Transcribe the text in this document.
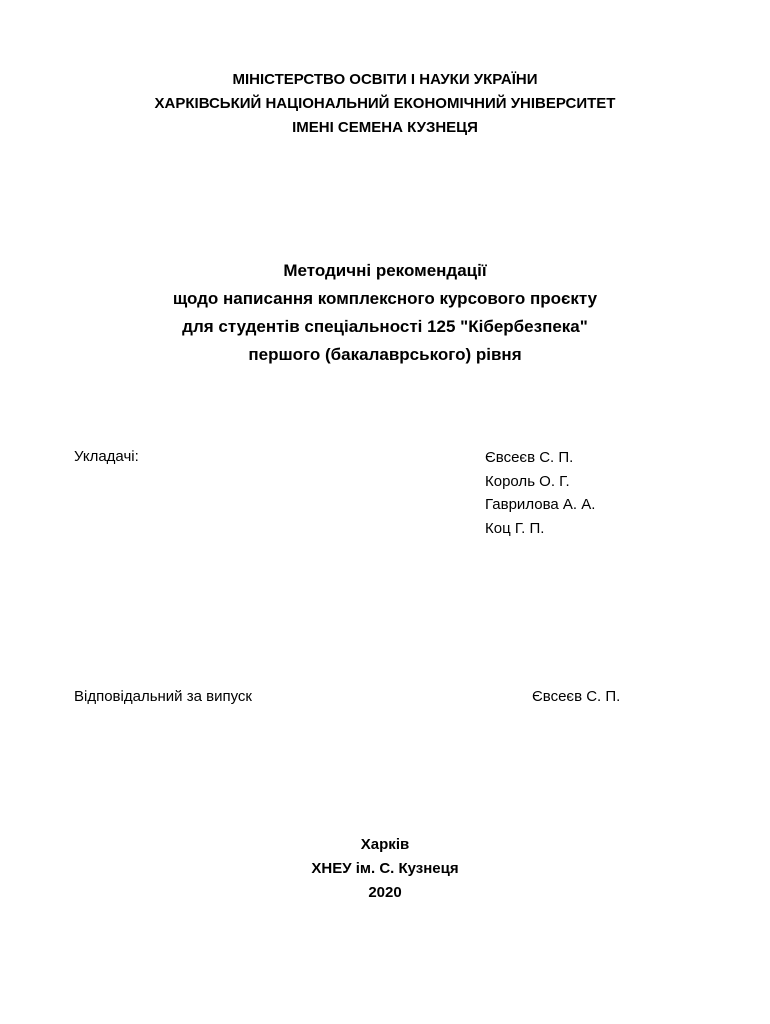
МІНІСТЕРСТВО ОСВІТИ І НАУКИ УКРАЇНИ
ХАРКІВСЬКИЙ НАЦІОНАЛЬНИЙ ЕКОНОМІЧНИЙ УНІВЕРСИТЕТ
ІМЕНІ СЕМЕНА КУЗНЕЦЯ
Методичні рекомендації
щодо написання комплексного курсового проєкту
для студентів спеціальності 125 "Кібербезпека"
першого (бакалаврського) рівня
Укладачі:	Євсеєв С. П.
Король О. Г.
Гаврилова А. А.
Коц Г. П.
Відповідальний за випуск	Євсеєв С. П.
Харків
ХНЕУ ім. С. Кузнеця
2020
